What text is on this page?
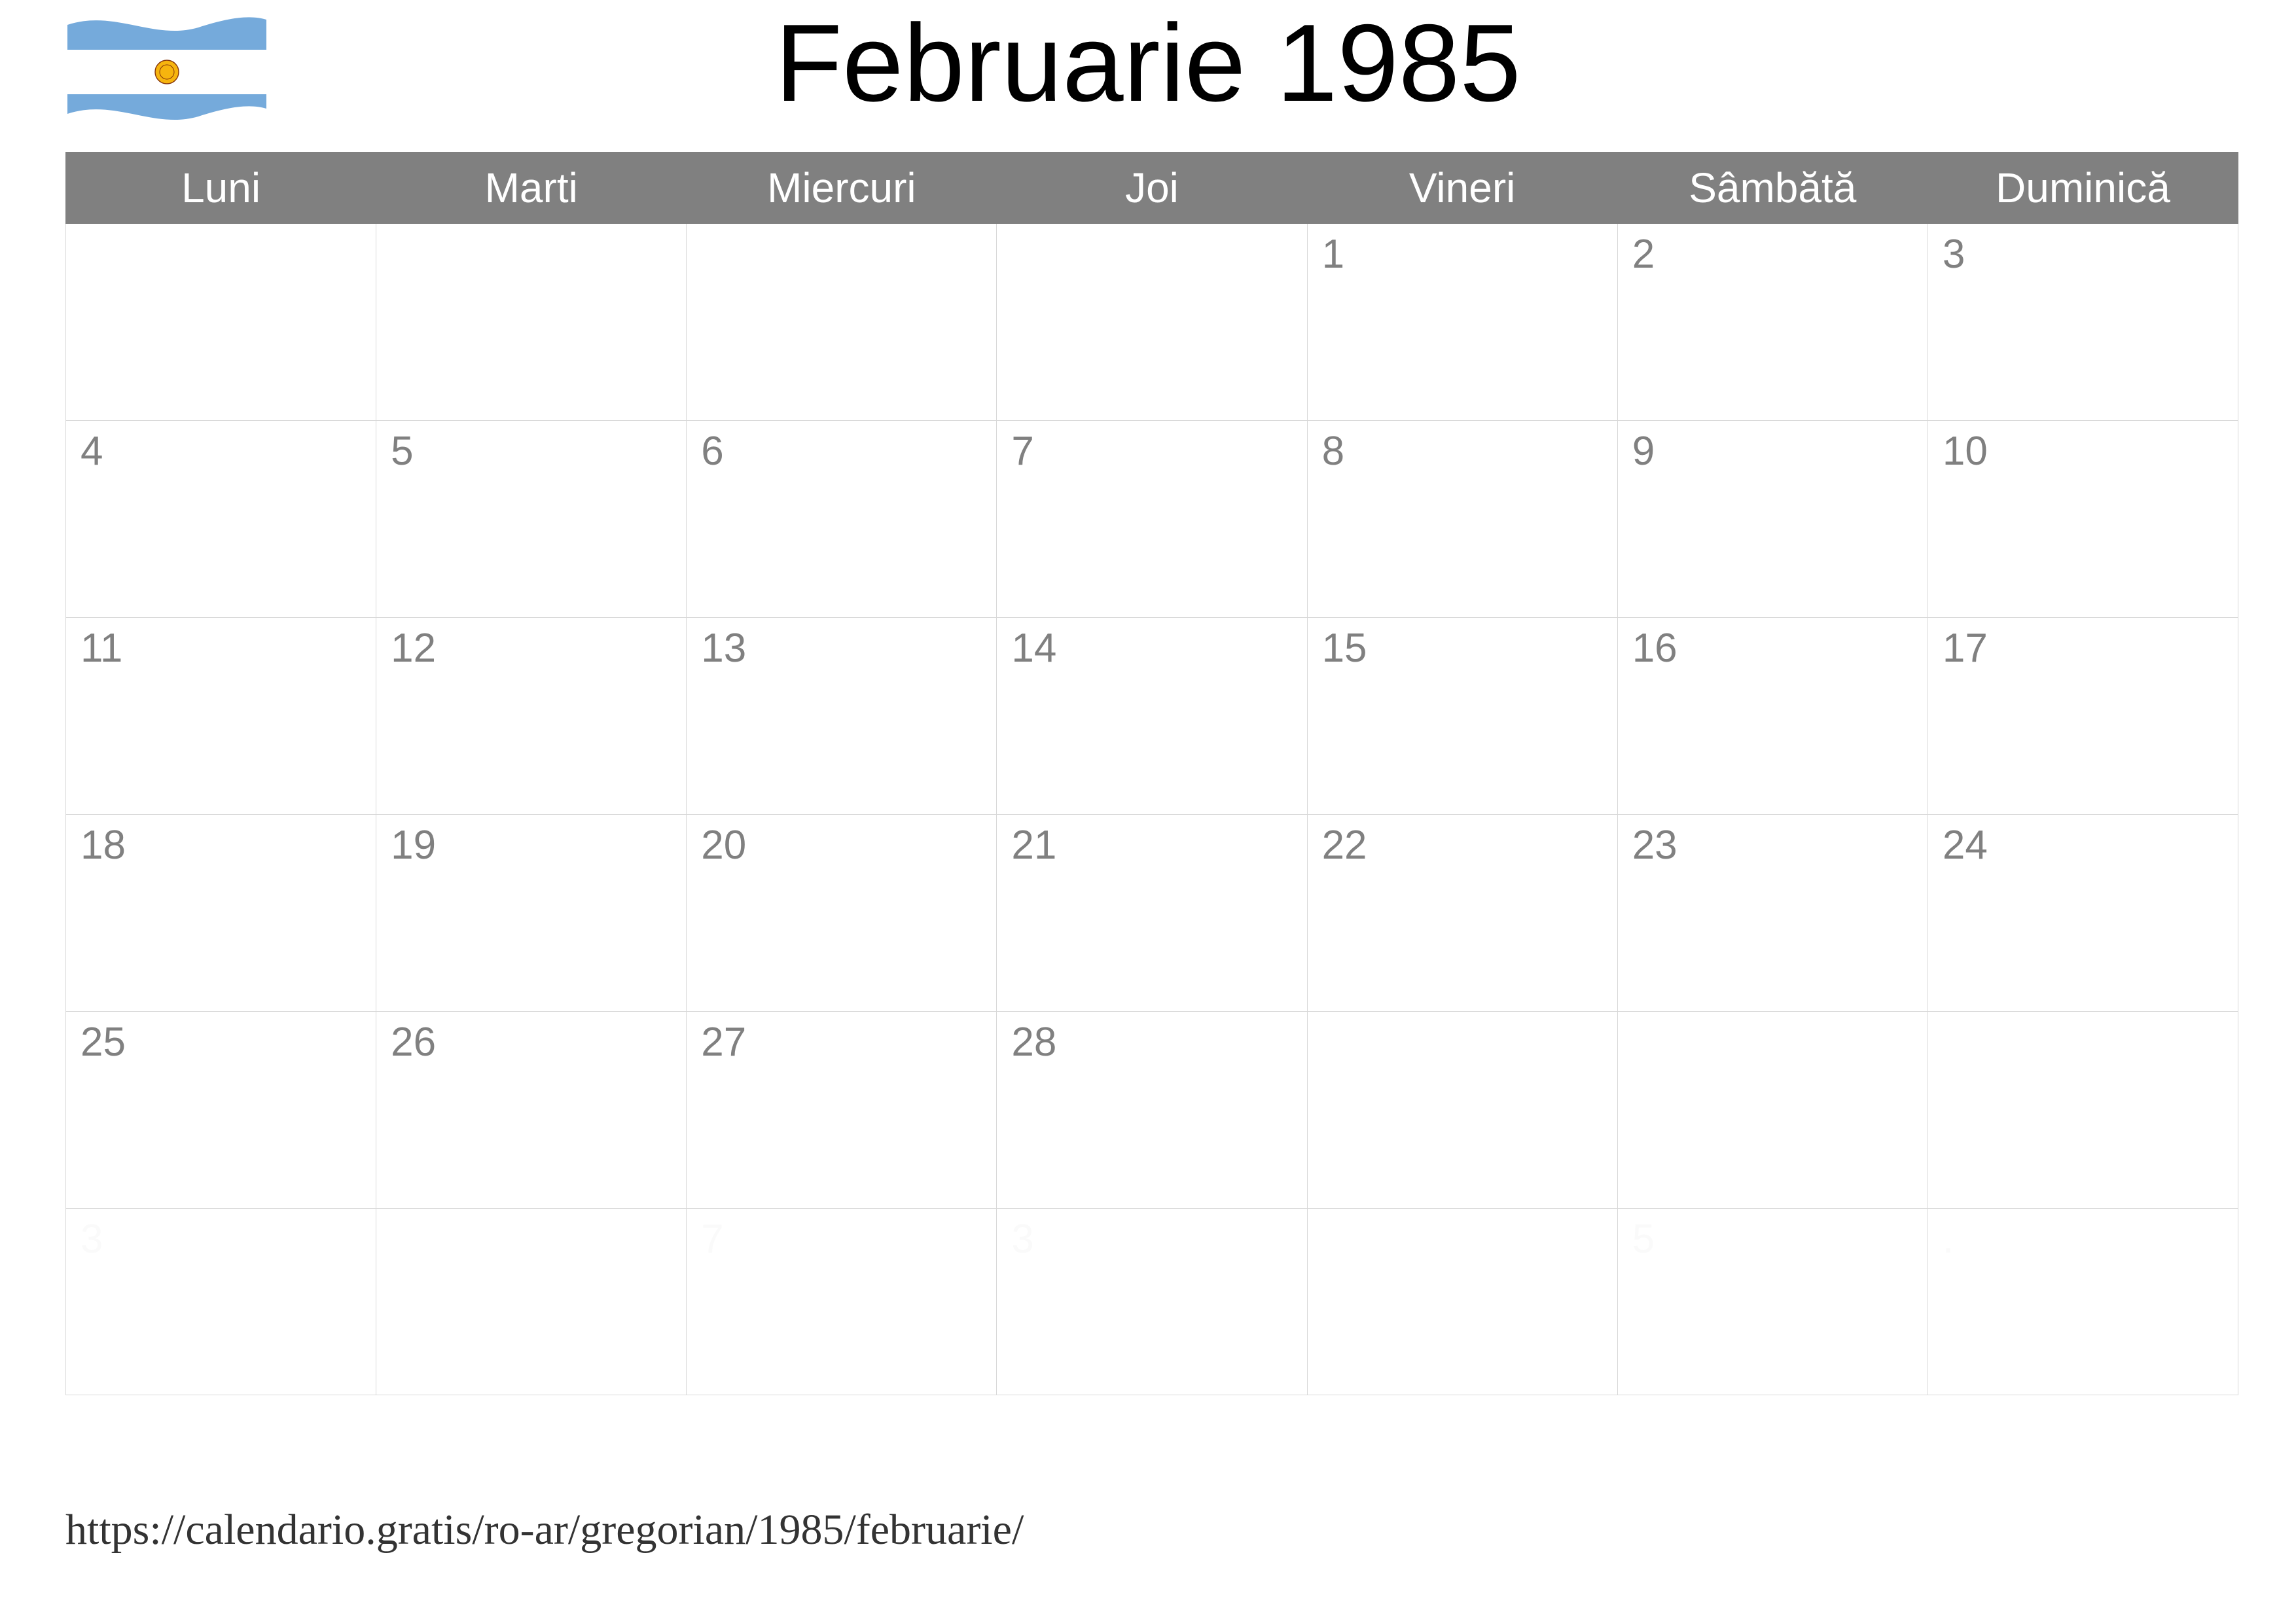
Februarie 1985
Luni	Marti	Miercuri	Joi	Vineri	Sâmbătă	Duminică

				1	2	3

4	5	6	7	8	9	10

11	12	13	14	15	16	17

18	19	20	21	22	23	24

25	26	27	28			

3		7	3		5	.
https://calendario.gratis/ro-ar/gregorian/1985/februarie/
